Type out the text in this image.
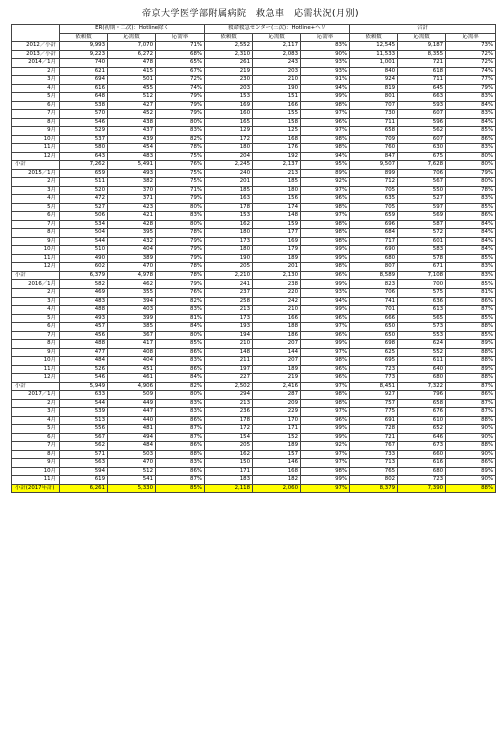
帝京大学医学部附属病院　救急車　応需状況(月別)
	ER(初期・二次)：Hotline除く			救命救急センター(三次)：Hotline+ヘリ			合計		
	依頼数	応需数	応需率	依頼数	応需数	応需率	依頼数	応需数	応需率
2012／小計	9,993	7,070	71%	2,552	2,117	83%	12,545	9,187	73%
2013／小計	9,223	6,272	68%	2,310	2,083	90%	11,533	8,355	72%
2014／1月	740	478	65%	261	243	93%	1,001	721	72%
2月	621	415	67%	219	203	93%	840	618	74%
3月	694	501	72%	230	210	91%	924	711	77%
4月	616	455	74%	203	190	94%	819	645	79%
5月	648	512	79%	153	151	99%	801	663	83%
6月	538	427	79%	169	166	98%	707	593	84%
7月	570	452	79%	160	155	97%	730	607	83%
8月	546	438	80%	165	158	96%	711	596	84%
9月	529	437	83%	129	125	97%	658	562	85%
10月	537	439	82%	172	168	98%	709	607	86%
11月	580	454	78%	180	176	98%	760	630	83%
12月	643	483	75%	204	192	94%	847	675	80%
小計	7,262	5,491	76%	2,245	2,137	95%	9,507	7,628	80%
2015／1月	659	493	75%	240	213	89%	899	706	79%
2月	511	382	75%	201	185	92%	712	567	80%
3月	520	370	71%	185	180	97%	705	550	78%
4月	472	371	79%	163	156	96%	635	527	83%
5月	527	423	80%	178	174	98%	705	597	85%
6月	506	421	83%	153	148	97%	659	569	86%
7月	534	428	80%	162	159	98%	696	587	84%
8月	504	395	78%	180	177	98%	684	572	84%
9月	544	432	79%	173	169	98%	717	601	84%
10月	510	404	79%	180	179	99%	690	583	84%
11月	490	389	79%	190	189	99%	680	578	85%
12月	602	470	78%	205	201	98%	807	671	83%
小計	6,379	4,978	78%	2,210	2,130	96%	8,589	7,108	83%
2016／1月	582	462	79%	241	238	99%	823	700	85%
2月	469	355	76%	237	220	93%	706	575	81%
3月	483	394	82%	258	242	94%	741	636	86%
4月	488	403	83%	213	210	99%	701	613	87%
5月	493	399	81%	173	166	96%	666	565	85%
6月	457	385	84%	193	188	97%	650	573	88%
7月	456	367	80%	194	186	96%	650	553	85%
8月	488	417	85%	210	207	99%	698	624	89%
9月	477	408	86%	148	144	97%	625	552	88%
10月	484	404	83%	211	207	98%	695	611	88%
11月	526	451	86%	197	189	96%	723	640	89%
12月	546	461	84%	227	219	96%	773	680	88%
小計	5,949	4,906	82%	2,502	2,416	97%	8,451	7,322	87%
2017／1月	633	509	80%	294	287	98%	927	796	86%
2月	544	449	83%	213	209	98%	757	658	87%
3月	539	447	83%	236	229	97%	775	676	87%
4月	513	440	86%	178	170	96%	691	610	88%
5月	556	481	87%	172	171	99%	728	652	90%
6月	567	494	87%	154	152	99%	721	646	90%
7月	562	484	86%	205	189	92%	767	673	88%
8月	571	503	88%	162	157	97%	733	660	90%
9月	563	470	83%	150	146	97%	713	616	86%
10月	594	512	86%	171	168	98%	765	680	89%
11月	619	541	87%	183	182	99%	802	723	90%
小計(2017年計)	6,261	5,330	85%	2,118	2,060	97%	8,379	7,390	88%
